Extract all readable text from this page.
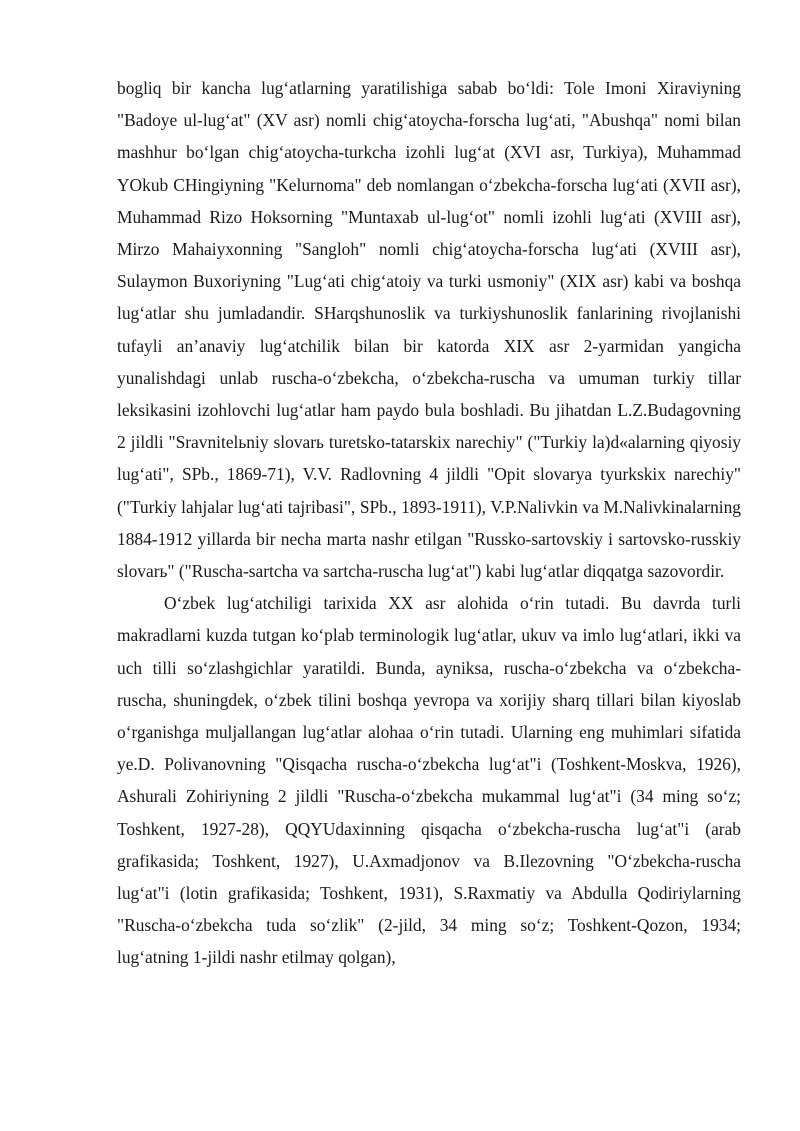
bogliq bir kancha lugʻatlarning yaratilishiga sabab boʻldi: Tole Imoni Xiraviyning "Badoye ul-lugʻat" (XV asr) nomli chigʻatoycha-forscha lugʻati, "Abushqa" nomi bilan mashhur boʻlgan chigʻatoycha-turkcha izohli lugʻat (XVI asr, Turkiya), Muhammad YOkub CHingiyning "Kelurnoma" deb nomlangan oʻzbekcha-forscha lugʻati (XVII asr), Muhammad Rizo Hoksorning "Muntaxab ul-lugʻot" nomli izohli lugʻati (XVIII asr), Mirzo Mahaiyxonning "Sangloh" nomli chigʻatoycha-forscha lugʻati (XVIII asr), Sulaymon Buxoriyning "Lugʻati chigʻatoiy va turki usmoniy" (XIX asr) kabi va boshqa lugʻatlar shu jumladandir. SHarqshunoslik va turkiyshunoslik fanlarining rivojlanishi tufayli an’anaviy lugʻatchilik bilan bir katorda XIX asr 2-yarmidan yangicha yunalishdagi unlab ruscha-oʻzbekcha, oʻzbekcha-ruscha va umuman turkiy tillar leksikasini izohlovchi lugʻatlar ham paydo bula boshladi. Bu jihatdan L.Z.Budagovning 2 jildli "Sravnitelьniy slovarь turetsko-tatarskix narechiy" ("Turkiy la)d«alarning qiyosiy lugʻati", SPb., 1869-71), V.V. Radlovning 4 jildli "Opit slovarya tyurkskix narechiy" ("Turkiy lahjalar lugʻati tajribasi", SPb., 1893-1911), V.P.Nalivkin va M.Nalivkinalarning 1884-1912 yillarda bir necha marta nashr etilgan "Russko-sartovskiy i sartovsko-russkiy slovarь" ("Ruscha-sartcha va sartcha-ruscha lugʻat") kabi lugʻatlar diqqatga sazovordir.

Oʻzbek lugʻatchiligi tarixida XX asr alohida oʻrin tutadi. Bu davrda turli makradlarni kuzda tutgan koʻplab terminologik lugʻatlar, ukuv va imlo lugʻatlari, ikki va uch tilli soʻzlashgichlar yaratildi. Bunda, ayniksa, ruscha-oʻzbekcha va oʻzbekcha-ruscha, shuningdek, oʻzbek tilini boshqa yevropa va xorijiy sharq tillari bilan kiyoslab oʻrganishga muljallangan lugʻatlar alohaa oʻrin tutadi. Ularning eng muhimlari sifatida ye.D. Polivanovning "Qisqacha ruscha-oʻzbekcha lugʻat"i (Toshkent-Moskva, 1926), Ashurali Zohiriyning 2 jildli "Ruscha-oʻzbekcha mukammal lugʻat"i (34 ming soʻz; Toshkent, 1927-28), QQYUdaxinning qisqacha oʻzbekcha-ruscha lugʻat"i (arab grafikasida; Toshkent, 1927), U.Axmadjonov va B.Ilezovning "Oʻzbekcha-ruscha lugʻat"i (lotin grafikasida; Toshkent, 1931), S.Raxmatiy va Abdulla Qodiriylarning "Ruscha-oʻzbekcha tuda soʻzlik" (2-jild, 34 ming soʻz; Toshkent-Qozon, 1934; lugʻatning 1-jildi nashr etilmay qolgan),
